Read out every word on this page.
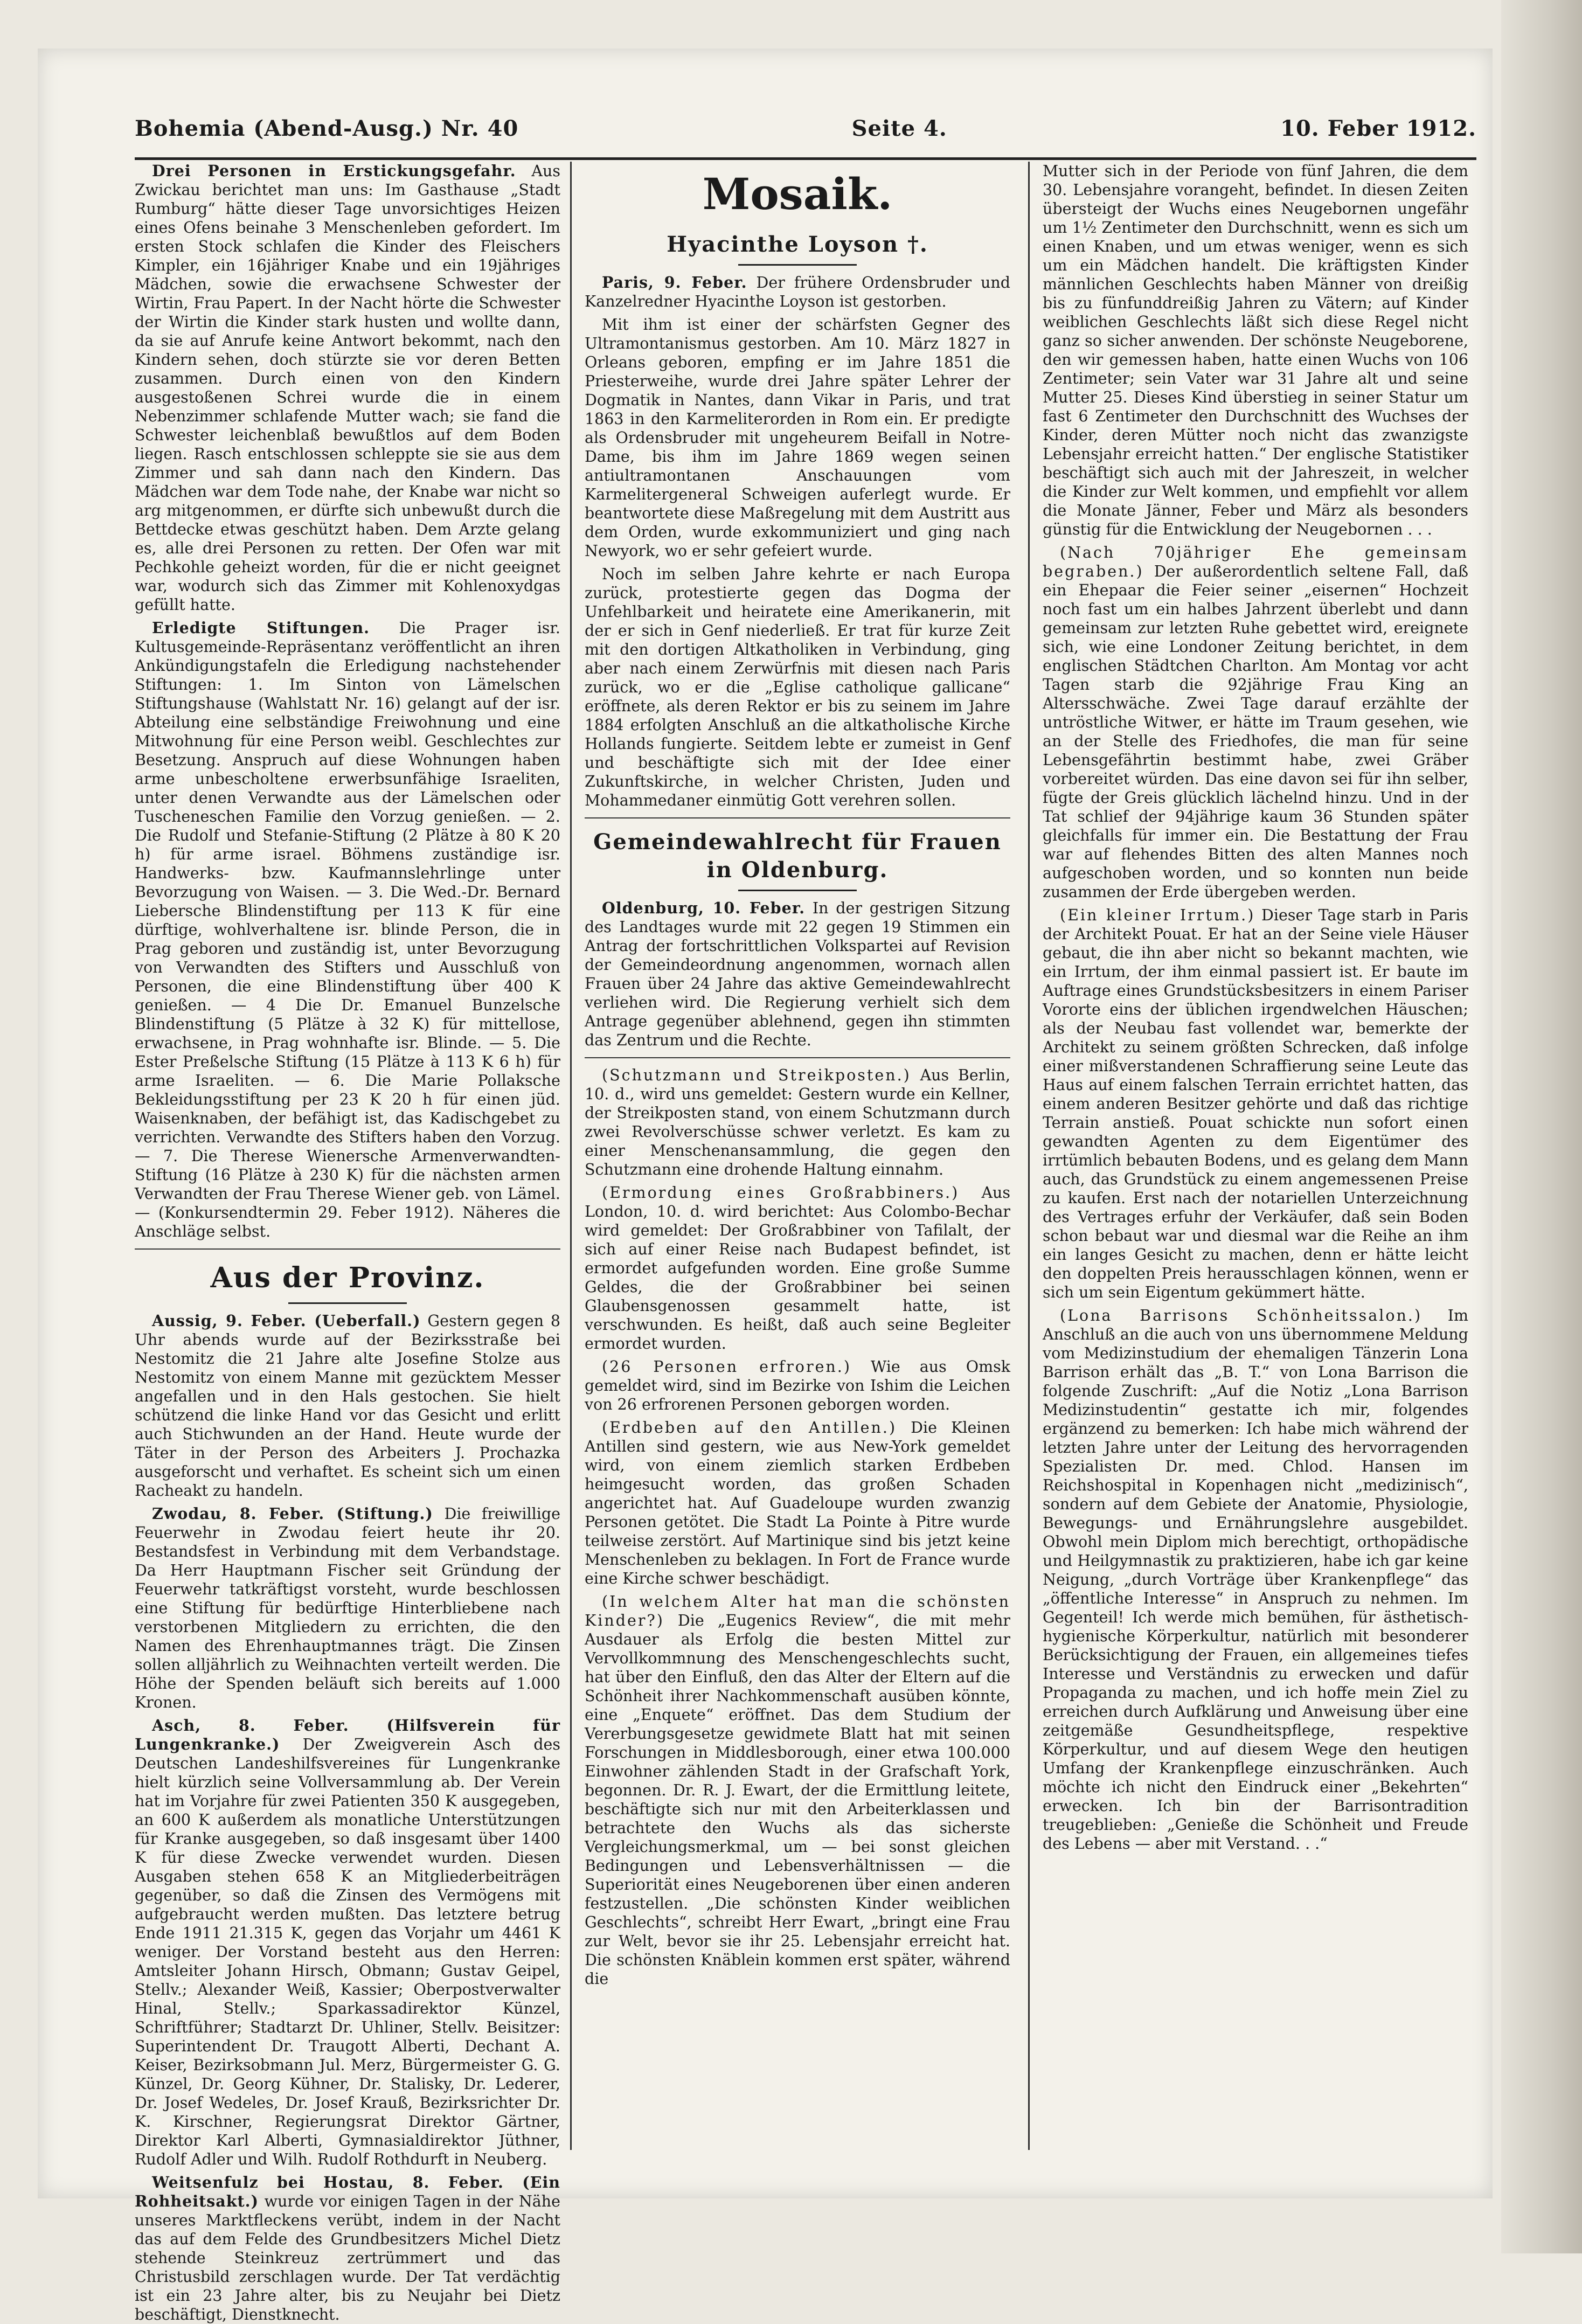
Bohemia (Abend-Ausg.) Nr. 40	Seite 4.	10. Feber 1912.

Drei Personen in Erstickungsgefahr. Aus Zwickau berichtet man uns: Im Gasthause „Stadt Rumburg“ hätte dieser Tage unvorsichtiges Heizen eines Ofens beinahe 3 Menschenleben gefordert. Im ersten Stock schlafen die Kinder des Fleischers Kimpler, ein 16jähriger Knabe und ein 19jähriges Mädchen, sowie die erwachsene Schwester der Wirtin, Frau Papert. In der Nacht hörte die Schwester der Wirtin die Kinder stark husten und wollte dann, da sie auf Anrufe keine Antwort bekommt, nach den Kindern sehen, doch stürzte sie vor deren Betten zusammen. Durch einen von den Kindern ausgestoßenen Schrei wurde die in einem Nebenzimmer schlafende Mutter wach; sie fand die Schwester leichenblaß bewußtlos auf dem Boden liegen. Rasch entschlossen schleppte sie sie aus dem Zimmer und sah dann nach den Kindern. Das Mädchen war dem Tode nahe, der Knabe war nicht so arg mitgenommen, er dürfte sich unbewußt durch die Bettdecke etwas geschützt haben. Dem Arzte gelang es, alle drei Personen zu retten. Der Ofen war mit Pechkohle geheizt worden, für die er nicht geeignet war, wodurch sich das Zimmer mit Kohlenoxydgas gefüllt hatte.

Erledigte Stiftungen. Die Prager isr. Kultusgemeinde-Repräsentanz veröffentlicht an ihren Ankündigungstafeln die Erledigung nachstehender Stiftungen: 1. Im Sinton von Lämelschen Stiftungshause (Wahlstatt Nr. 16) gelangt auf der isr. Abteilung eine selbständige Freiwohnung und eine Mitwohnung für eine Person weibl. Geschlechtes zur Besetzung. Anspruch auf diese Wohnungen haben arme unbescholtene erwerbsunfähige Israeliten, unter denen Verwandte aus der Lämelschen oder Tuscheneschen Familie den Vorzug genießen. — 2. Die Rudolf und Stefanie-Stiftung (2 Plätze à 80 K 20 h) für arme israel. Böhmens zuständige isr. Handwerks- bzw. Kaufmannslehrlinge unter Bevorzugung von Waisen. — 3. Die Wed.-Dr. Bernard Liebersche Blindenstiftung per 113 K für eine dürftige, wohlverhaltene isr. blinde Person, die in Prag geboren und zuständig ist, unter Bevorzugung von Verwandten des Stifters und Ausschluß von Personen, die eine Blindenstiftung über 400 K genießen. — 4 Die Dr. Emanuel Bunzelsche Blindenstiftung (5 Plätze à 32 K) für mittellose, erwachsene, in Prag wohnhafte isr. Blinde. — 5. Die Ester Preßelsche Stiftung (15 Plätze à 113 K 6 h) für arme Israeliten. — 6. Die Marie Pollaksche Bekleidungsstiftung per 23 K 20 h für einen jüd. Waisenknaben, der befähigt ist, das Kadischgebet zu verrichten. Verwandte des Stifters haben den Vorzug. — 7. Die Therese Wienersche Armenverwandten-Stiftung (16 Plätze à 230 K) für die nächsten armen Verwandten der Frau Therese Wiener geb. von Lämel. — (Konkursendtermin 29. Feber 1912). Näheres die Anschläge selbst.

Aus der Provinz.

Aussig, 9. Feber. (Ueberfall.) Gestern gegen 8 Uhr abends wurde auf der Bezirksstraße bei Nestomitz die 21 Jahre alte Josefine Stolze aus Nestomitz von einem Manne mit gezücktem Messer angefallen und in den Hals gestochen. Sie hielt schützend die linke Hand vor das Gesicht und erlitt auch Stichwunden an der Hand. Heute wurde der Täter in der Person des Arbeiters J. Prochazka ausgeforscht und verhaftet. Es scheint sich um einen Racheakt zu handeln.

Zwodau, 8. Feber. (Stiftung.) Die freiwillige Feuerwehr in Zwodau feiert heute ihr 20. Bestandsfest in Verbindung mit dem Verbandstage. Da Herr Hauptmann Fischer seit Gründung der Feuerwehr tatkräftigst vorsteht, wurde beschlossen eine Stiftung für bedürftige Hinterbliebene nach verstorbenen Mitgliedern zu errichten, die den Namen des Ehrenhauptmannes trägt. Die Zinsen sollen alljährlich zu Weihnachten verteilt werden. Die Höhe der Spenden beläuft sich bereits auf 1.000 Kronen.

Asch, 8. Feber. (Hilfsverein für Lungenkranke.) Der Zweigverein Asch des Deutschen Landeshilfsvereines für Lungenkranke hielt kürzlich seine Vollversammlung ab. Der Verein hat im Vorjahre für zwei Patienten 350 K ausgegeben, an 600 K außerdem als monatliche Unterstützungen für Kranke ausgegeben, so daß insgesamt über 1400 K für diese Zwecke verwendet wurden. Diesen Ausgaben stehen 658 K an Mitgliederbeiträgen gegenüber, so daß die Zinsen des Vermögens mit aufgebraucht werden mußten. Das letztere betrug Ende 1911 21.315 K, gegen das Vorjahr um 4461 K weniger. Der Vorstand besteht aus den Herren: Amtsleiter Johann Hirsch, Obmann; Gustav Geipel, Stellv.; Alexander Weiß, Kassier; Oberpostverwalter Hinal, Stellv.; Sparkassadirektor Künzel, Schriftführer; Stadtarzt Dr. Uhliner, Stellv. Beisitzer: Superintendent Dr. Traugott Alberti, Dechant A. Keiser, Bezirksobmann Jul. Merz, Bürgermeister G. G. Künzel, Dr. Georg Kühner, Dr. Stalisky, Dr. Lederer, Dr. Josef Wedeles, Dr. Josef Krauß, Bezirksrichter Dr. K. Kirschner, Regierungsrat Direktor Gärtner, Direktor Karl Alberti, Gymnasialdirektor Jüthner, Rudolf Adler und Wilh. Rudolf Rothdurft in Neuberg.

Weitsenfulz bei Hostau, 8. Feber. (Ein Rohheitsakt.) wurde vor einigen Tagen in der Nähe unseres Marktfleckens verübt, indem in der Nacht das auf dem Felde des Grundbesitzers Michel Dietz stehende Steinkreuz zertrümmert und das Christusbild zerschlagen wurde. Der Tat verdächtig ist ein 23 Jahre alter, bis zu Neujahr bei Dietz beschäftigt, Dienstknecht.

Mosaik.
Hyacinthe Loyson †.

Paris, 9. Feber. Der frühere Ordensbruder und Kanzelredner Hyacinthe Loyson ist gestorben.

Mit ihm ist einer der schärfsten Gegner des Ultramontanismus gestorben. Am 10. März 1827 in Orleans geboren, empfing er im Jahre 1851 die Priesterweihe, wurde drei Jahre später Lehrer der Dogmatik in Nantes, dann Vikar in Paris, und trat 1863 in den Karmeliterorden in Rom ein. Er predigte als Ordensbruder mit ungeheurem Beifall in Notre-Dame, bis ihm im Jahre 1869 wegen seinen antiultramontanen Anschauungen vom Karmelitergeneral Schweigen auferlegt wurde. Er beantwortete diese Maßregelung mit dem Austritt aus dem Orden, wurde exkommuniziert und ging nach Newyork, wo er sehr gefeiert wurde.

Noch im selben Jahre kehrte er nach Europa zurück, protestierte gegen das Dogma der Unfehlbarkeit und heiratete eine Amerikanerin, mit der er sich in Genf niederließ. Er trat für kurze Zeit mit den dortigen Altkatholiken in Verbindung, ging aber nach einem Zerwürfnis mit diesen nach Paris zurück, wo er die „Eglise catholique gallicane“ eröffnete, als deren Rektor er bis zu seinem im Jahre 1884 erfolgten Anschluß an die altkatholische Kirche Hollands fungierte. Seitdem lebte er zumeist in Genf und beschäftigte sich mit der Idee einer Zukunftskirche, in welcher Christen, Juden und Mohammedaner einmütig Gott verehren sollen.

Gemeindewahlrecht für Frauen in Oldenburg.

Oldenburg, 10. Feber. In der gestrigen Sitzung des Landtages wurde mit 22 gegen 19 Stimmen ein Antrag der fortschrittlichen Volkspartei auf Revision der Gemeindeordnung angenommen, wornach allen Frauen über 24 Jahre das aktive Gemeindewahlrecht verliehen wird. Die Regierung verhielt sich dem Antrage gegenüber ablehnend, gegen ihn stimmten das Zentrum und die Rechte.

(Schutzmann und Streikposten.) Aus Berlin, 10. d., wird uns gemeldet: Gestern wurde ein Kellner, der Streikposten stand, von einem Schutzmann durch zwei Revolverschüsse schwer verletzt. Es kam zu einer Menschenansammlung, die gegen den Schutzmann eine drohende Haltung einnahm.

(Ermordung eines Großrabbiners.) Aus London, 10. d. wird berichtet: Aus Colombo-Bechar wird gemeldet: Der Großrabbiner von Tafilalt, der sich auf einer Reise nach Budapest befindet, ist ermordet aufgefunden worden. Eine große Summe Geldes, die der Großrabbiner bei seinen Glaubensgenossen gesammelt hatte, ist verschwunden. Es heißt, daß auch seine Begleiter ermordet wurden.

(26 Personen erfroren.) Wie aus Omsk gemeldet wird, sind im Bezirke von Ishim die Leichen von 26 erfrorenen Personen geborgen worden.

(Erdbeben auf den Antillen.) Die Kleinen Antillen sind gestern, wie aus New-York gemeldet wird, von einem ziemlich starken Erdbeben heimgesucht worden, das großen Schaden angerichtet hat. Auf Guadeloupe wurden zwanzig Personen getötet. Die Stadt La Pointe à Pitre wurde teilweise zerstört. Auf Martinique sind bis jetzt keine Menschenleben zu beklagen. In Fort de France wurde eine Kirche schwer beschädigt.

(In welchem Alter hat man die schönsten Kinder?) Die „Eugenics Review“, die mit mehr Ausdauer als Erfolg die besten Mittel zur Vervollkommnung des Menschengeschlechts sucht, hat über den Einfluß, den das Alter der Eltern auf die Schönheit ihrer Nachkommenschaft ausüben könnte, eine „Enquete“ eröffnet. Das dem Studium der Vererbungsgesetze gewidmete Blatt hat mit seinen Forschungen in Middlesborough, einer etwa 100.000 Einwohner zählenden Stadt in der Grafschaft York, begonnen. Dr. R. J. Ewart, der die Ermittlung leitete, beschäftigte sich nur mit den Arbeiterklassen und betrachtete den Wuchs als das sicherste Vergleichungsmerkmal, um — bei sonst gleichen Bedingungen und Lebensverhältnissen — die Superiorität eines Neugeborenen über einen anderen festzustellen. „Die schönsten Kinder weiblichen Geschlechts“, schreibt Herr Ewart, „bringt eine Frau zur Welt, bevor sie ihr 25. Lebensjahr erreicht hat. Die schönsten Knäblein kommen erst später, während die

Mutter sich in der Periode von fünf Jahren, die dem 30. Lebensjahre vorangeht, befindet. In diesen Zeiten übersteigt der Wuchs eines Neugebornen ungefähr um 1½ Zentimeter den Durchschnitt, wenn es sich um einen Knaben, und um etwas weniger, wenn es sich um ein Mädchen handelt. Die kräftigsten Kinder männlichen Geschlechts haben Männer von dreißig bis zu fünfunddreißig Jahren zu Vätern; auf Kinder weiblichen Geschlechts läßt sich diese Regel nicht ganz so sicher anwenden. Der schönste Neugeborene, den wir gemessen haben, hatte einen Wuchs von 106 Zentimeter; sein Vater war 31 Jahre alt und seine Mutter 25. Dieses Kind überstieg in seiner Statur um fast 6 Zentimeter den Durchschnitt des Wuchses der Kinder, deren Mütter noch nicht das zwanzigste Lebensjahr erreicht hatten.“ Der englische Statistiker beschäftigt sich auch mit der Jahreszeit, in welcher die Kinder zur Welt kommen, und empfiehlt vor allem die Monate Jänner, Feber und März als besonders günstig für die Entwicklung der Neugebornen . . .

(Nach 70jähriger Ehe gemeinsam begraben.) Der außerordentlich seltene Fall, daß ein Ehepaar die Feier seiner „eisernen“ Hochzeit noch fast um ein halbes Jahrzent überlebt und dann gemeinsam zur letzten Ruhe gebettet wird, ereignete sich, wie eine Londoner Zeitung berichtet, in dem englischen Städtchen Charlton. Am Montag vor acht Tagen starb die 92jährige Frau King an Altersschwäche. Zwei Tage darauf erzählte der untröstliche Witwer, er hätte im Traum gesehen, wie an der Stelle des Friedhofes, die man für seine Lebensgefährtin bestimmt habe, zwei Gräber vorbereitet würden. Das eine davon sei für ihn selber, fügte der Greis glücklich lächelnd hinzu. Und in der Tat schlief der 94jährige kaum 36 Stunden später gleichfalls für immer ein. Die Bestattung der Frau war auf flehendes Bitten des alten Mannes noch aufgeschoben worden, und so konnten nun beide zusammen der Erde übergeben werden.

(Ein kleiner Irrtum.) Dieser Tage starb in Paris der Architekt Pouat. Er hat an der Seine viele Häuser gebaut, die ihn aber nicht so bekannt machten, wie ein Irrtum, der ihm einmal passiert ist. Er baute im Auftrage eines Grundstücksbesitzers in einem Pariser Vororte eins der üblichen irgendwelchen Häuschen; als der Neubau fast vollendet war, bemerkte der Architekt zu seinem größten Schrecken, daß infolge einer mißverstandenen Schraffierung seine Leute das Haus auf einem falschen Terrain errichtet hatten, das einem anderen Besitzer gehörte und daß das richtige Terrain anstieß. Pouat schickte nun sofort einen gewandten Agenten zu dem Eigentümer des irrtümlich bebauten Bodens, und es gelang dem Mann auch, das Grundstück zu einem angemessenen Preise zu kaufen. Erst nach der notariellen Unterzeichnung des Vertrages erfuhr der Verkäufer, daß sein Boden schon bebaut war und diesmal war die Reihe an ihm ein langes Gesicht zu machen, denn er hätte leicht den doppelten Preis herausschlagen können, wenn er sich um sein Eigentum gekümmert hätte.

(Lona Barrisons Schönheitssalon.) Im Anschluß an die auch von uns übernommene Meldung vom Medizinstudium der ehemaligen Tänzerin Lona Barrison erhält das „B. T.“ von Lona Barrison die folgende Zuschrift: „Auf die Notiz „Lona Barrison Medizinstudentin“ gestatte ich mir, folgendes ergänzend zu bemerken: Ich habe mich während der letzten Jahre unter der Leitung des hervorragenden Spezialisten Dr. med. Chlod. Hansen im Reichshospital in Kopenhagen nicht „medizinisch“, sondern auf dem Gebiete der Anatomie, Physiologie, Bewegungs- und Ernährungslehre ausgebildet. Obwohl mein Diplom mich berechtigt, orthopädische und Heilgymnastik zu praktizieren, habe ich gar keine Neigung, „durch Vorträge über Krankenpflege“ das „öffentliche Interesse“ in Anspruch zu nehmen. Im Gegenteil! Ich werde mich bemühen, für ästhetisch-hygienische Körperkultur, natürlich mit besonderer Berücksichtigung der Frauen, ein allgemeines tiefes Interesse und Verständnis zu erwecken und dafür Propaganda zu machen, und ich hoffe mein Ziel zu erreichen durch Aufklärung und Anweisung über eine zeitgemäße Gesundheitspflege, respektive Körperkultur, und auf diesem Wege den heutigen Umfang der Krankenpflege einzuschränken. Auch möchte ich nicht den Eindruck einer „Bekehrten“ erwecken. Ich bin der Barrisontradition treugeblieben: „Genieße die Schönheit und Freude des Lebens — aber mit Verstand. . .“
